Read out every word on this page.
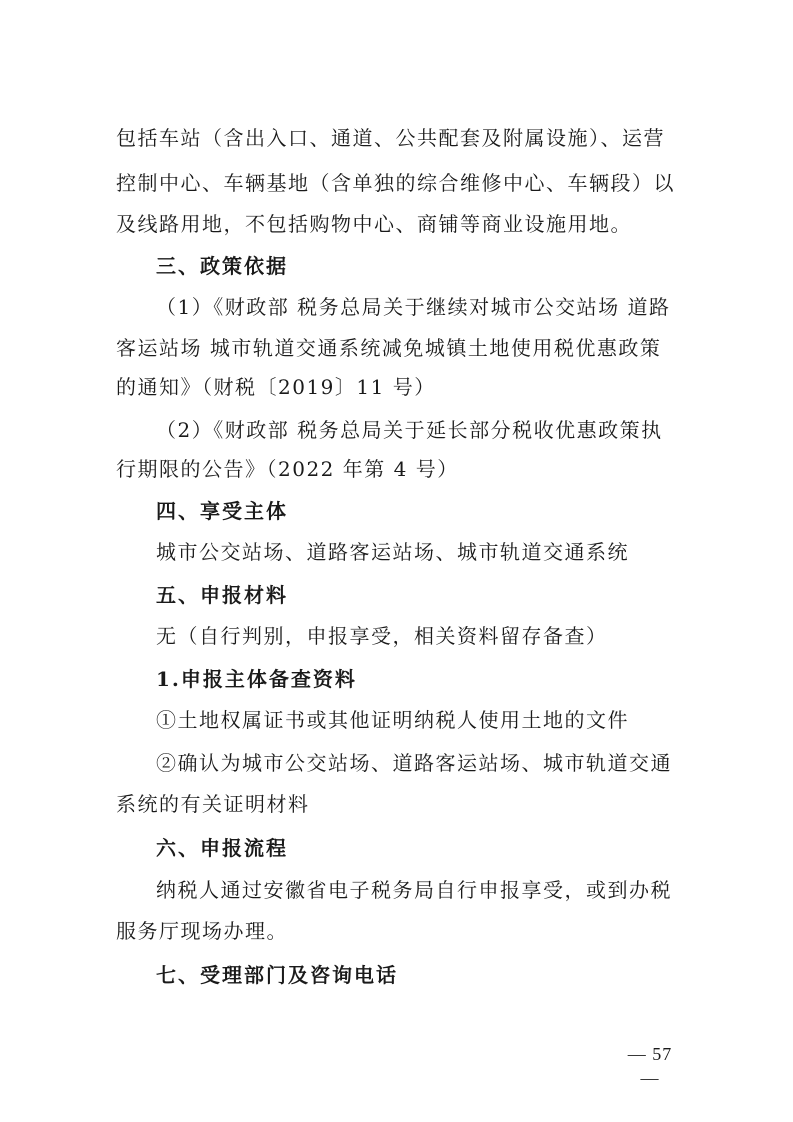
包括车站（含出入口、通道、公共配套及附属设施）、运营
控制中心、车辆基地（含单独的综合维修中心、车辆段）以
及线路用地，不包括购物中心、商铺等商业设施用地。
三、政策依据
（1）《财政部 税务总局关于继续对城市公交站场 道路
客运站场 城市轨道交通系统减免城镇土地使用税优惠政策
的通知》（财税〔2019〕11 号）
（2）《财政部 税务总局关于延长部分税收优惠政策执
行期限的公告》（2022 年第 4 号）
四、享受主体
城市公交站场、道路客运站场、城市轨道交通系统
五、申报材料
无（自行判别，申报享受，相关资料留存备查）
1.申报主体备查资料
①土地权属证书或其他证明纳税人使用土地的文件
②确认为城市公交站场、道路客运站场、城市轨道交通
系统的有关证明材料
六、申报流程
纳税人通过安徽省电子税务局自行申报享受，或到办税
服务厅现场办理。
七、受理部门及咨询电话
— 57 —
